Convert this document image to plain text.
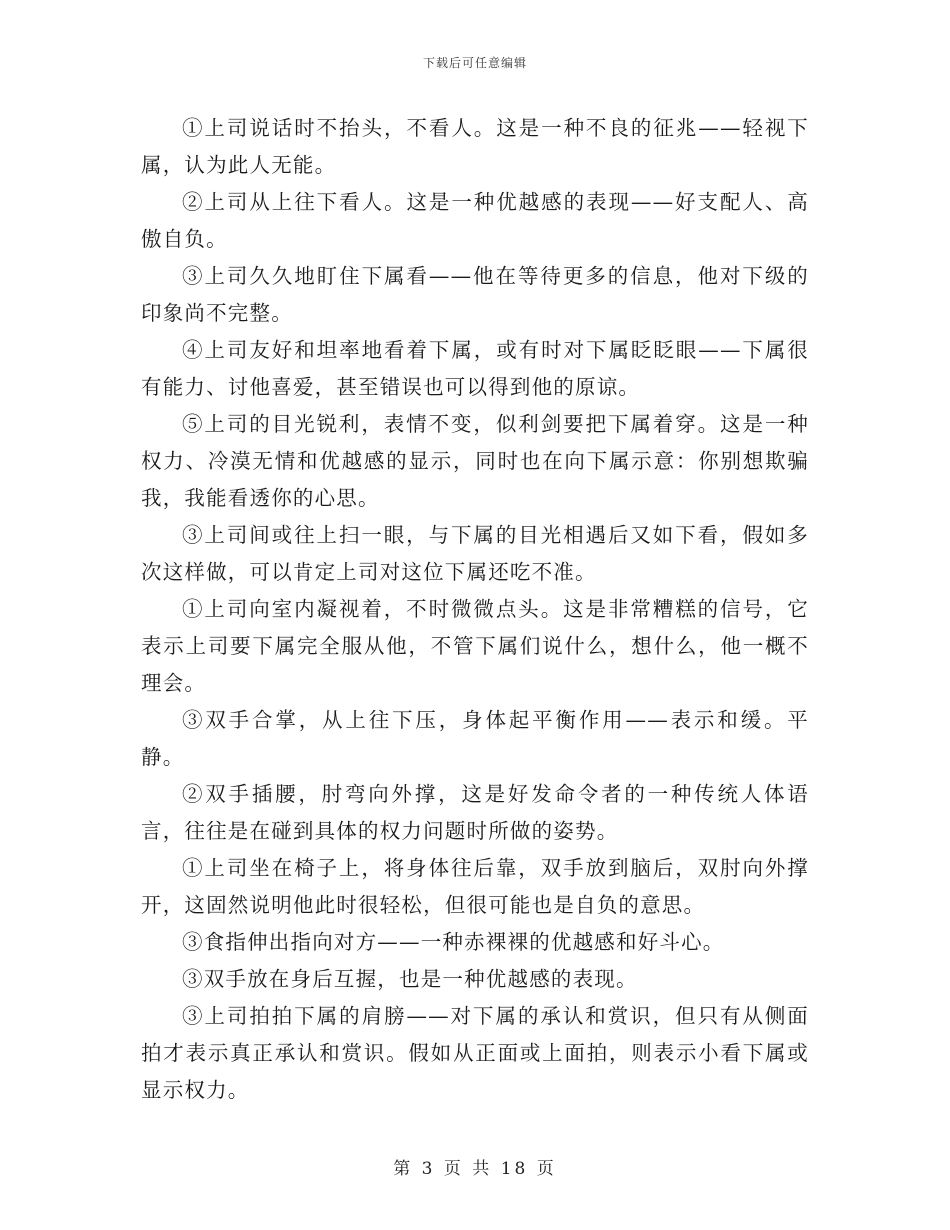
下载后可任意编辑

①上司说话时不抬头，不看人。这是一种不良的征兆——轻视下属，认为此人无能。

②上司从上往下看人。这是一种优越感的表现——好支配人、高傲自负。

③上司久久地盯住下属看——他在等待更多的信息，他对下级的印象尚不完整。

④上司友好和坦率地看着下属，或有时对下属眨眨眼——下属很有能力、讨他喜爱，甚至错误也可以得到他的原谅。

⑤上司的目光锐利，表情不变，似利剑要把下属着穿。这是一种权力、冷漠无情和优越感的显示，同时也在向下属示意：你别想欺骗我，我能看透你的心思。

③上司间或往上扫一眼，与下属的目光相遇后又如下看，假如多次这样做，可以肯定上司对这位下属还吃不准。

①上司向室内凝视着，不时微微点头。这是非常糟糕的信号，它表示上司要下属完全服从他，不管下属们说什么，想什么，他一概不理会。

③双手合掌，从上往下压，身体起平衡作用——表示和缓。平静。

②双手插腰，肘弯向外撑，这是好发命令者的一种传统人体语言，往往是在碰到具体的权力问题时所做的姿势。

①上司坐在椅子上，将身体往后靠，双手放到脑后，双肘向外撑开，这固然说明他此时很轻松，但很可能也是自负的意思。

③食指伸出指向对方——一种赤裸裸的优越感和好斗心。

③双手放在身后互握，也是一种优越感的表现。

③上司拍拍下属的肩膀——对下属的承认和赏识，但只有从侧面拍才表示真正承认和赏识。假如从正面或上面拍，则表示小看下属或显示权力。

第 3 页 共 18 页
